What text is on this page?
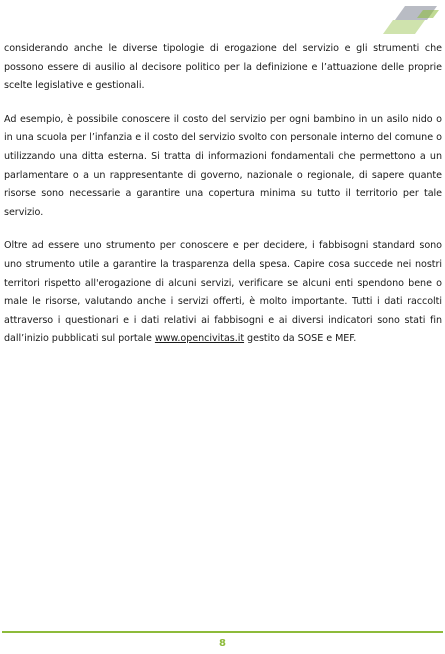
considerando anche le diverse tipologie di erogazione del servizio e gli strumenti che possono essere di ausilio al decisore politico per la definizione e l’attuazione delle proprie scelte legislative e gestionali.

Ad esempio, è possibile conoscere il costo del servizio per ogni bambino in un asilo nido o in una scuola per l’infanzia e il costo del servizio svolto con personale interno del comune o utilizzando una ditta esterna. Si tratta di informazioni fondamentali che permettono a un parlamentare o a un rappresentante di governo, nazionale o regionale, di sapere quante risorse sono necessarie a garantire una copertura minima su tutto il territorio per tale servizio.

Oltre ad essere uno strumento per conoscere e per decidere, i fabbisogni standard sono uno strumento utile a garantire la trasparenza della spesa. Capire cosa succede nei nostri territori rispetto all'erogazione di alcuni servizi, verificare se alcuni enti spendono bene o male le risorse, valutando anche i servizi offerti, è molto importante. Tutti i dati raccolti attraverso i questionari e i dati relativi ai fabbisogni e ai diversi indicatori sono stati fin dall’inizio pubblicati sul portale www.opencivitas.it gestito da SOSE e MEF.

8
